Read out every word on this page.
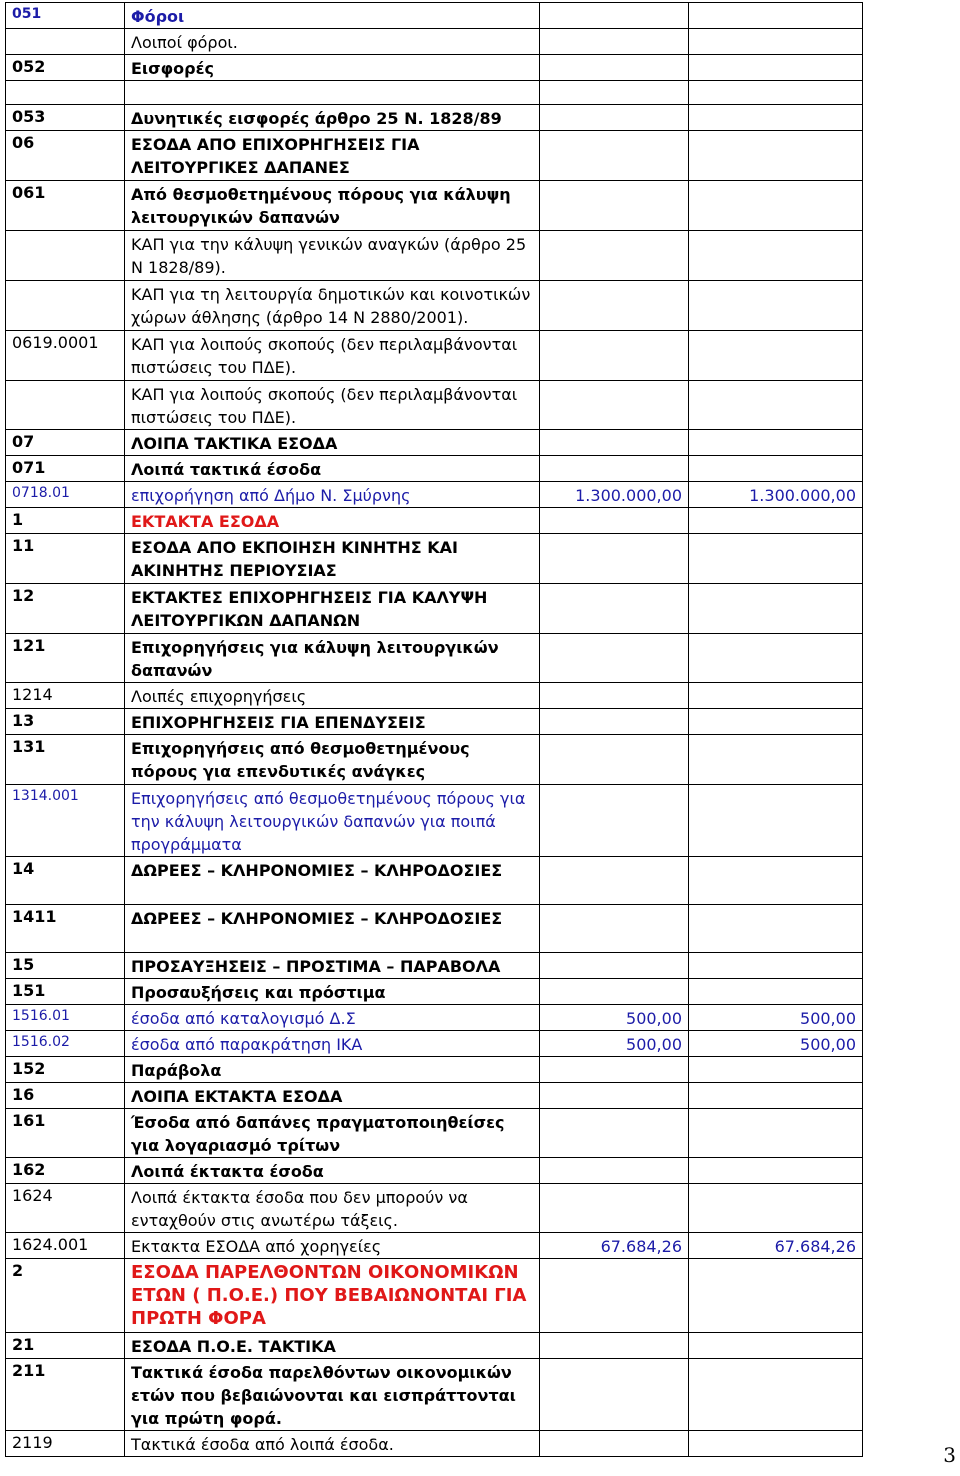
051	Φόροι		
	Λοιποί φόροι.		
052	Εισφορές		

053	Δυνητικές εισφορές άρθρο 25 Ν. 1828/89		
06	ΕΣΟΔΑ ΑΠΟ ΕΠΙΧΟΡΗΓΗΣΕΙΣ ΓΙΑ ΛΕΙΤΟΥΡΓΙΚΕΣ ΔΑΠΑΝΕΣ		
061	Από θεσμοθετημένους πόρους για κάλυψη λειτουργικών δαπανών		
	ΚΑΠ για την κάλυψη γενικών αναγκών (άρθρο 25 Ν 1828/89).		
	ΚΑΠ για τη λειτουργία δημοτικών και κοινοτικών χώρων άθλησης (άρθρο 14 Ν 2880/2001).		
0619.0001	ΚΑΠ για λοιπούς σκοπούς (δεν περιλαμβάνονται πιστώσεις του ΠΔΕ).		
	ΚΑΠ για λοιπούς σκοπούς (δεν περιλαμβάνονται πιστώσεις του ΠΔΕ).		
07	ΛΟΙΠΑ ΤΑΚΤΙΚΑ ΕΣΟΔΑ		
071	Λοιπά τακτικά έσοδα		
0718.01	επιχορήγηση από Δήμο Ν. Σμύρνης	1.300.000,00	1.300.000,00
1	ΕΚΤΑΚΤΑ ΕΣΟΔΑ		
11	ΕΣΟΔΑ ΑΠΟ ΕΚΠΟΙΗΣΗ ΚΙΝΗΤΗΣ ΚΑΙ ΑΚΙΝΗΤΗΣ ΠΕΡΙΟΥΣΙΑΣ		
12	ΕΚΤΑΚΤΕΣ ΕΠΙΧΟΡΗΓΗΣΕΙΣ ΓΙΑ ΚΑΛΥΨΗ ΛΕΙΤΟΥΡΓΙΚΩΝ ΔΑΠΑΝΩΝ		
121	Επιχορηγήσεις για κάλυψη λειτουργικών δαπανών		
1214	Λοιπές επιχορηγήσεις		
13	ΕΠΙΧΟΡΗΓΗΣΕΙΣ ΓΙΑ ΕΠΕΝΔΥΣΕΙΣ		
131	Επιχορηγήσεις από θεσμοθετημένους πόρους για επενδυτικές ανάγκες		
1314.001	Επιχορηγήσεις από θεσμοθετημένους πόρους για την κάλυψη λειτουργικών δαπανών για ποιπά προγράμματα		
14	ΔΩΡΕΕΣ – ΚΛΗΡΟΝΟΜΙΕΣ – ΚΛΗΡΟΔΟΣΙΕΣ		
1411	ΔΩΡΕΕΣ – ΚΛΗΡΟΝΟΜΙΕΣ – ΚΛΗΡΟΔΟΣΙΕΣ		
15	ΠΡΟΣΑΥΞΗΣΕΙΣ – ΠΡΟΣΤΙΜΑ – ΠΑΡΑΒΟΛΑ		
151	Προσαυξήσεις και πρόστιμα		
1516.01	έσοδα από καταλογισμό Δ.Σ	500,00	500,00
1516.02	έσοδα από παρακράτηση ΙΚΑ	500,00	500,00
152	Παράβολα		
16	ΛΟΙΠΑ ΕΚΤΑΚΤΑ ΕΣΟΔΑ		
161	Έσοδα από δαπάνες πραγματοποιηθείσες για λογαριασμό τρίτων		
162	Λοιπά έκτακτα έσοδα		
1624	Λοιπά έκτακτα έσοδα που δεν μπορούν να ενταχθούν στις ανωτέρω τάξεις.		
1624.001	Εκτακτα ΕΣΟΔΑ από χορηγείες	67.684,26	67.684,26
2	ΕΣΟΔΑ ΠΑΡΕΛΘΟΝΤΩΝ ΟΙΚΟΝΟΜΙΚΩΝ ΕΤΩΝ ( Π.Ο.Ε.) ΠΟΥ ΒΕΒΑΙΩΝΟΝΤΑΙ ΓΙΑ ΠΡΩΤΗ ΦΟΡΑ		
21	ΕΣΟΔΑ Π.Ο.Ε. ΤΑΚΤΙΚΑ		
211	Τακτικά έσοδα παρελθόντων οικονομικών ετών που βεβαιώνονται και εισπράττονται για πρώτη φορά.		
2119	Τακτικά έσοδα από λοιπά έσοδα.			3
